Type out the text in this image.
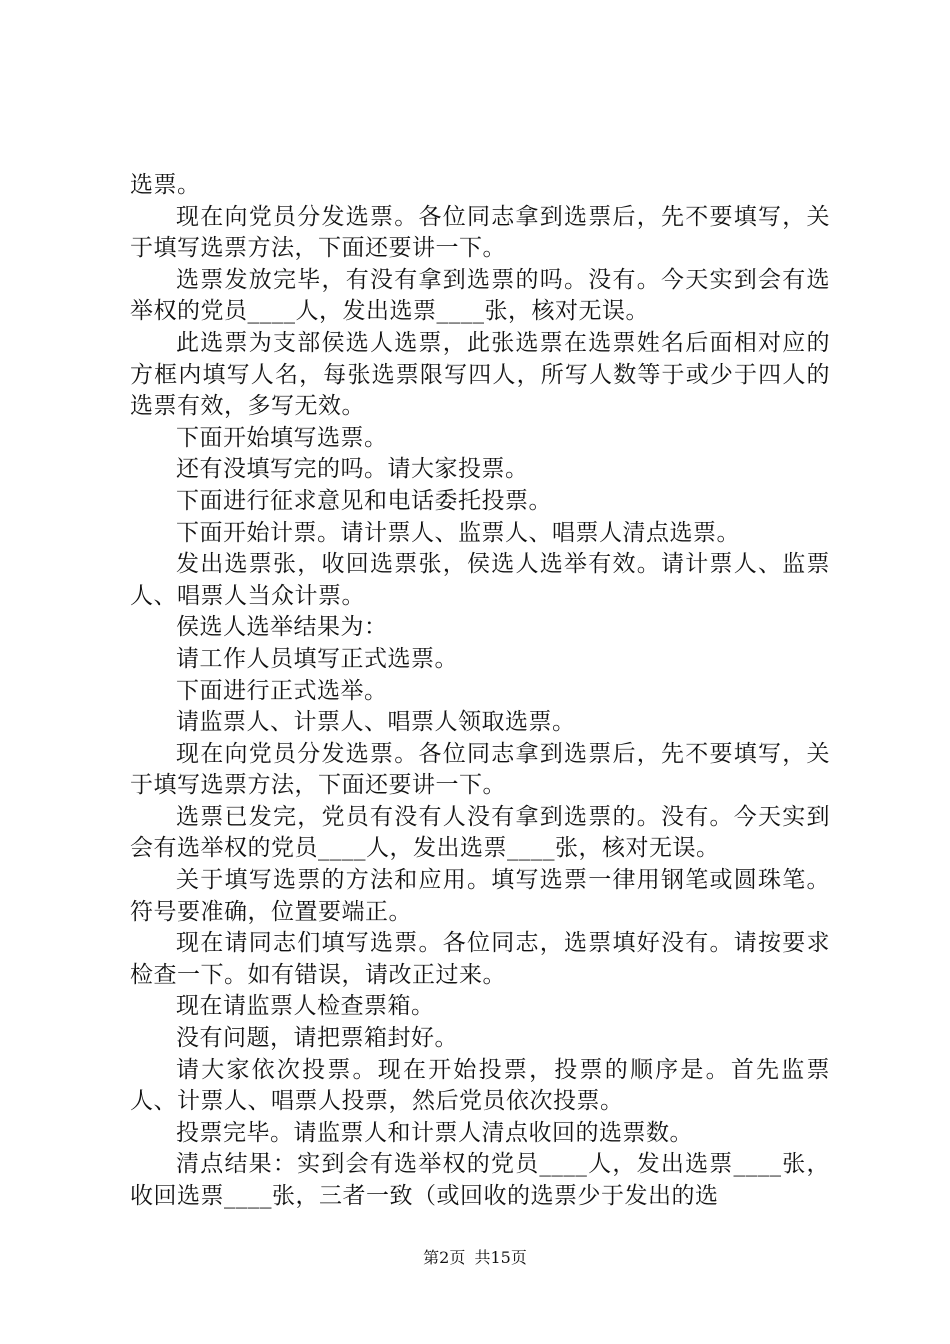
选票。

现在向党员分发选票。各位同志拿到选票后，先不要填写，关于填写选票方法，下面还要讲一下。

选票发放完毕，有没有拿到选票的吗。没有。今天实到会有选举权的党员____人，发出选票____张，核对无误。

此选票为支部侯选人选票，此张选票在选票姓名后面相对应的方框内填写人名，每张选票限写四人，所写人数等于或少于四人的选票有效，多写无效。

下面开始填写选票。

还有没填写完的吗。请大家投票。

下面进行征求意见和电话委托投票。

下面开始计票。请计票人、监票人、唱票人清点选票。

发出选票张，收回选票张，侯选人选举有效。请计票人、监票人、唱票人当众计票。

侯选人选举结果为：

请工作人员填写正式选票。

下面进行正式选举。

请监票人、计票人、唱票人领取选票。

现在向党员分发选票。各位同志拿到选票后，先不要填写，关于填写选票方法，下面还要讲一下。

选票已发完，党员有没有人没有拿到选票的。没有。今天实到会有选举权的党员____人，发出选票____张，核对无误。

关于填写选票的方法和应用。填写选票一律用钢笔或圆珠笔。符号要准确，位置要端正。

现在请同志们填写选票。各位同志，选票填好没有。请按要求检查一下。如有错误，请改正过来。

现在请监票人检查票箱。

没有问题，请把票箱封好。

请大家依次投票。现在开始投票，投票的顺序是。首先监票人、计票人、唱票人投票，然后党员依次投票。

投票完毕。请监票人和计票人清点收回的选票数。

清点结果：实到会有选举权的党员____人，发出选票____张，收回选票____张，三者一致（或回收的选票少于发出的选

第2页 共15页
